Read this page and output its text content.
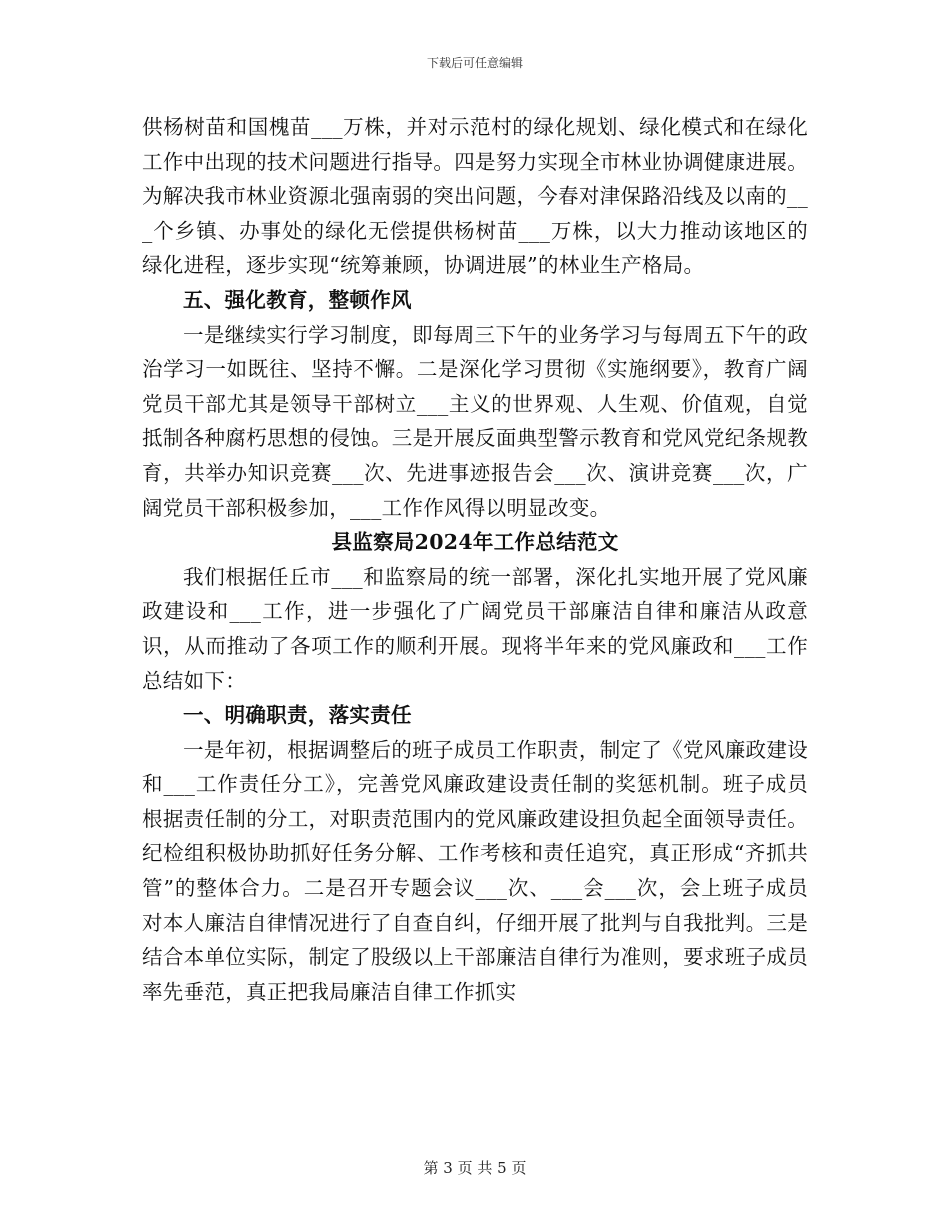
下载后可任意编辑

供杨树苗和国槐苗___万株，并对示范村的绿化规划、绿化模式和在绿化工作中出现的技术问题进行指导。四是努力实现全市林业协调健康进展。为解决我市林业资源北强南弱的突出问题，今春对津保路沿线及以南的___个乡镇、办事处的绿化无偿提供杨树苗___万株，以大力推动该地区的绿化进程，逐步实现“统筹兼顾，协调进展”的林业生产格局。

五、强化教育，整顿作风

一是继续实行学习制度，即每周三下午的业务学习与每周五下午的政治学习一如既往、坚持不懈。二是深化学习贯彻《实施纲要》，教育广阔党员干部尤其是领导干部树立___主义的世界观、人生观、价值观，自觉抵制各种腐朽思想的侵蚀。三是开展反面典型警示教育和党风党纪条规教育，共举办知识竞赛___次、先进事迹报告会___次、演讲竞赛___次，广阔党员干部积极参加，___工作作风得以明显改变。

县监察局2024年工作总结范文

我们根据任丘市___和监察局的统一部署，深化扎实地开展了党风廉政建设和___工作，进一步强化了广阔党员干部廉洁自律和廉洁从政意识，从而推动了各项工作的顺利开展。现将半年来的党风廉政和___工作总结如下：

一、明确职责，落实责任

一是年初，根据调整后的班子成员工作职责，制定了《党风廉政建设和___工作责任分工》，完善党风廉政建设责任制的奖惩机制。班子成员根据责任制的分工，对职责范围内的党风廉政建设担负起全面领导责任。纪检组积极协助抓好任务分解、工作考核和责任追究，真正形成“齐抓共管”的整体合力。二是召开专题会议___次、___会___次，会上班子成员对本人廉洁自律情况进行了自查自纠，仔细开展了批判与自我批判。三是结合本单位实际，制定了股级以上干部廉洁自律行为准则，要求班子成员率先垂范，真正把我局廉洁自律工作抓实

第 3 页 共 5 页
